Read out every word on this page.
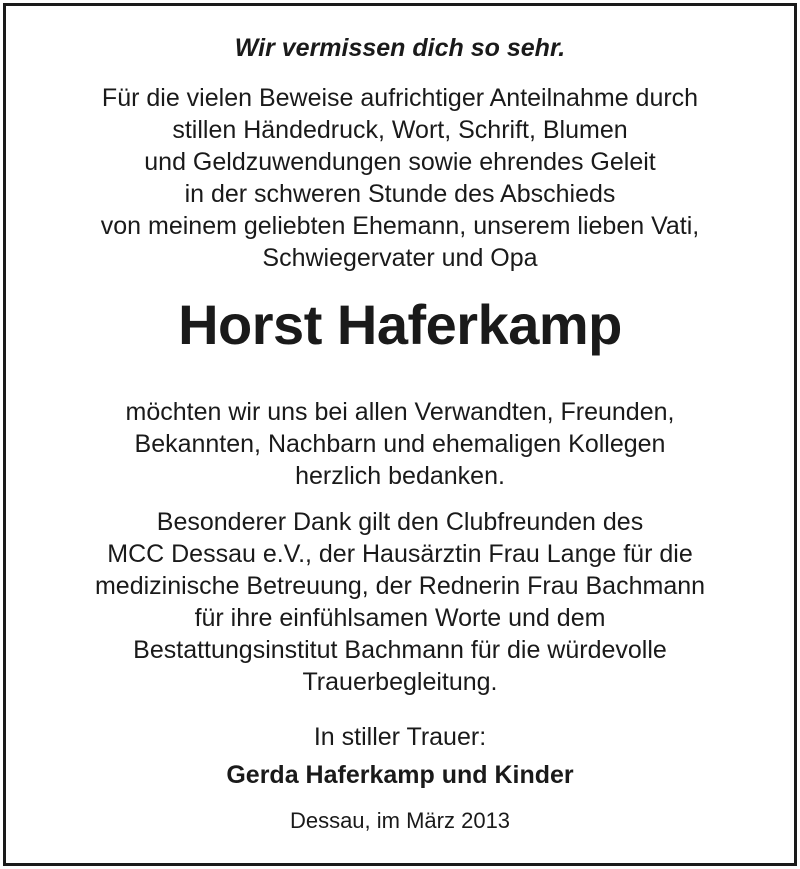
Wir vermissen dich so sehr.
Für die vielen Beweise aufrichtiger Anteilnahme durch
stillen Händedruck, Wort, Schrift, Blumen
und Geldzuwendungen sowie ehrendes Geleit
in der schweren Stunde des Abschieds
von meinem geliebten Ehemann, unserem lieben Vati,
Schwiegervater und Opa
Horst Haferkamp
möchten wir uns bei allen Verwandten, Freunden,
Bekannten, Nachbarn und ehemaligen Kollegen
herzlich bedanken.
Besonderer Dank gilt den Clubfreunden des
MCC Dessau e.V., der Hausärztin Frau Lange für die
medizinische Betreuung, der Rednerin Frau Bachmann
für ihre einfühlsamen Worte und dem
Bestattungsinstitut Bachmann für die würdevolle
Trauerbegleitung.
In stiller Trauer:
Gerda Haferkamp und Kinder
Dessau, im März 2013
